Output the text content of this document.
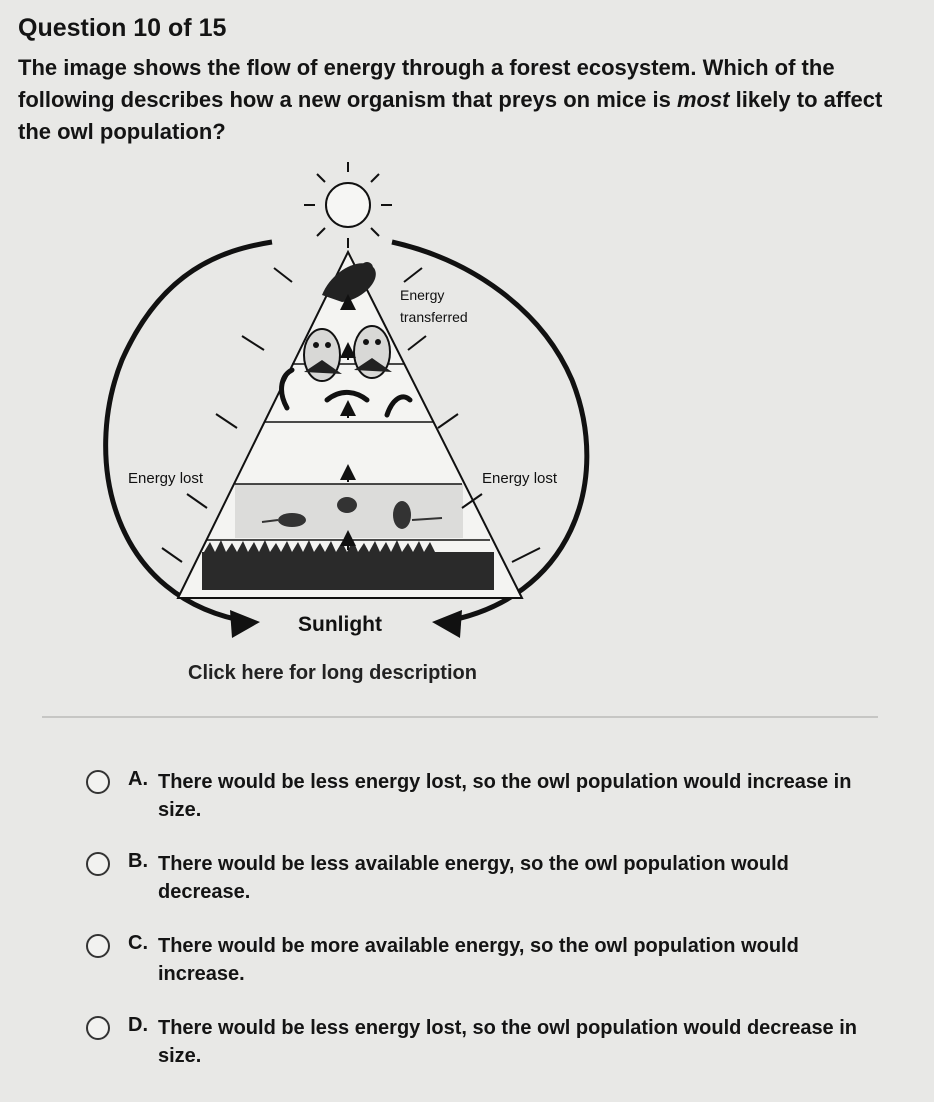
Question 10 of 15

The image shows the flow of energy through a forest ecosystem. Which of the following describes how a new organism that preys on mice is most likely to affect the owl population?

Energy
transferred
Energy lost	Energy lost
Sunlight
Click here for long description
A. There would be less energy lost, so the owl population would increase in size.
B. There would be less available energy, so the owl population would decrease.
C. There would be more available energy, so the owl population would increase.
D. There would be less energy lost, so the owl population would decrease in size.
